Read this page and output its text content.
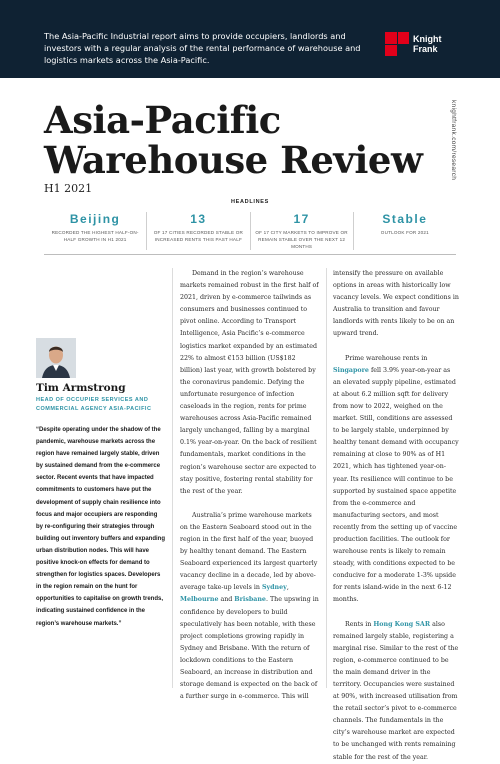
The Asia-Pacific Industrial report aims to provide occupiers, landlords and investors with a regular analysis of the rental performance of warehouse and logistics markets across the Asia-Pacific.
Knight
Frank
Asia-Pacific
Warehouse Review
H1 2021
knightfrank.com/research
HEADLINES
Beijing
RECORDED THE HIGHEST HALF-ON-HALF GROWTH IN H1 2021
13
OF 17 CITIES RECORDED STABLE OR INCREASED RENTS THIS PAST HALF
17
OF 17 CITY MARKETS TO IMPROVE OR REMAIN STABLE OVER THE NEXT 12 MONTHS
Stable
OUTLOOK FOR 2021
Tim Armstrong
HEAD OF OCCUPIER SERVICES AND COMMERCIAL AGENCY ASIA-PACIFIC
“Despite operating under the shadow of the pandemic, warehouse markets across the region have remained largely stable, driven by sustained demand from the e-commerce sector. Recent events that have impacted commitments to customers have put the development of supply chain resilience into focus and major occupiers are responding by re-configuring their strategies through building out inventory buffers and expanding urban distribution nodes. This will have positive knock-on effects for demand to strengthen for logistics spaces. Developers in the region remain on the hunt for opportunities to capitalise on growth trends, indicating sustained confidence in the region’s warehouse markets.”

Demand in the region’s warehouse markets remained robust in the first half of 2021, driven by e-commerce tailwinds as consumers and businesses continued to pivot online. According to Transport Intelligence, Asia Pacific’s e-commerce logistics market expanded by an estimated 22% to almost €153 billion (US$182 billion) last year, with growth bolstered by the coronavirus pandemic. Defying the unfortunate resurgence of infection caseloads in the region, rents for prime warehouses across Asia-Pacific remained largely unchanged, falling by a marginal 0.1% year-on-year. On the back of resilient fundamentals, market conditions in the region’s warehouse sector are expected to stay positive, fostering rental stability for the rest of the year.

Australia’s prime warehouse markets on the Eastern Seaboard stood out in the region in the first half of the year, buoyed by healthy tenant demand. The Eastern Seaboard experienced its largest quarterly vacancy decline in a decade, led by above-average take-up levels in Sydney, Melbourne and Brisbane. The upswing in confidence by developers to build speculatively has been notable, with these project completions growing rapidly in Sydney and Brisbane. With the return of lockdown conditions to the Eastern Seaboard, an increase in distribution and storage demand is expected on the back of a further surge in e-commerce. This will

intensify the pressure on available options in areas with historically low vacancy levels. We expect conditions in Australia to transition and favour landlords with rents likely to be on an upward trend.

Prime warehouse rents in Singapore fell 3.9% year-on-year as an elevated supply pipeline, estimated at about 6.2 million sqft for delivery from now to 2022, weighed on the market. Still, conditions are assessed to be largely stable, underpinned by healthy tenant demand with occupancy remaining at close to 90% as of H1 2021, which has tightened year-on-year. Its resilience will continue to be supported by sustained space appetite from the e-commerce and manufacturing sectors, and most recently from the setting up of vaccine production facilities. The outlook for warehouse rents is likely to remain steady, with conditions expected to be conducive for a moderate 1-3% upside for rents island-wide in the next 6-12 months.

Rents in Hong Kong SAR also remained largely stable, registering a marginal rise. Similar to the rest of the region, e-commerce continued to be the main demand driver in the territory. Occupancies were sustained at 90%, with increased utilisation from the retail sector’s pivot to e-commerce channels. The fundamentals in the city’s warehouse market are expected to be unchanged with rents remaining stable for the rest of the year.
